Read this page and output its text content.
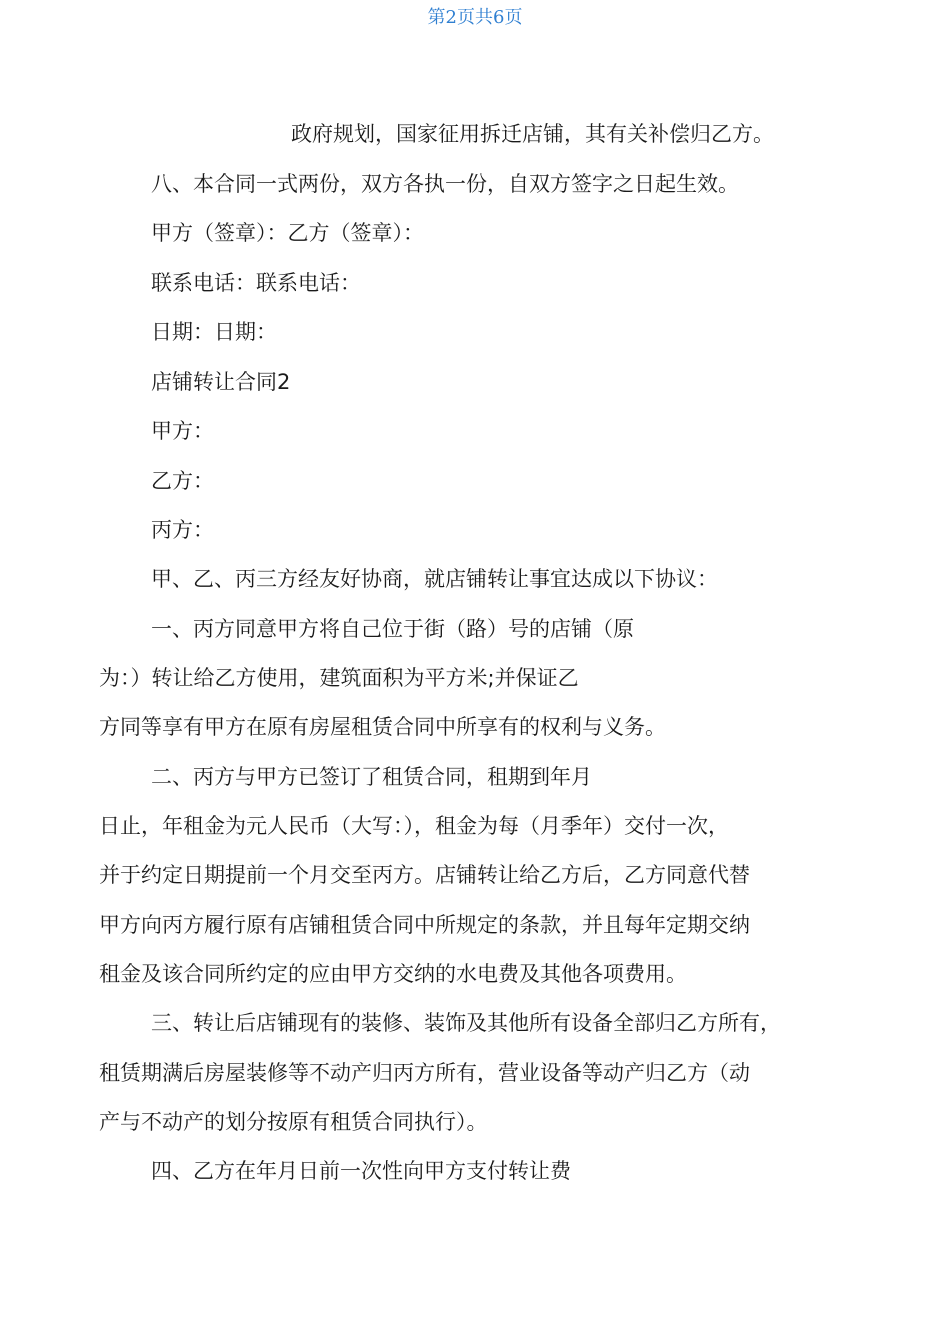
第2页共6页
政府规划，国家征用拆迁店铺，其有关补偿归乙方。
八、本合同一式两份，双方各执一份，自双方签字之日起生效。
甲方（签章）：乙方（签章）：
联系电话：联系电话：
日期：日期：
店铺转让合同2
甲方：
乙方：
丙方：
甲、乙、丙三方经友好协商，就店铺转让事宜达成以下协议：
一、丙方同意甲方将自己位于街（路）号的店铺（原
为：）转让给乙方使用，建筑面积为平方米;并保证乙
方同等享有甲方在原有房屋租赁合同中所享有的权利与义务。
二、丙方与甲方已签订了租赁合同，租期到年月
日止，年租金为元人民币（大写：），租金为每（月季年）交付一次，
并于约定日期提前一个月交至丙方。店铺转让给乙方后，乙方同意代替
甲方向丙方履行原有店铺租赁合同中所规定的条款，并且每年定期交纳
租金及该合同所约定的应由甲方交纳的水电费及其他各项费用。
三、转让后店铺现有的装修、装饰及其他所有设备全部归乙方所有，
租赁期满后房屋装修等不动产归丙方所有，营业设备等动产归乙方（动
产与不动产的划分按原有租赁合同执行）。
四、乙方在年月日前一次性向甲方支付转让费
